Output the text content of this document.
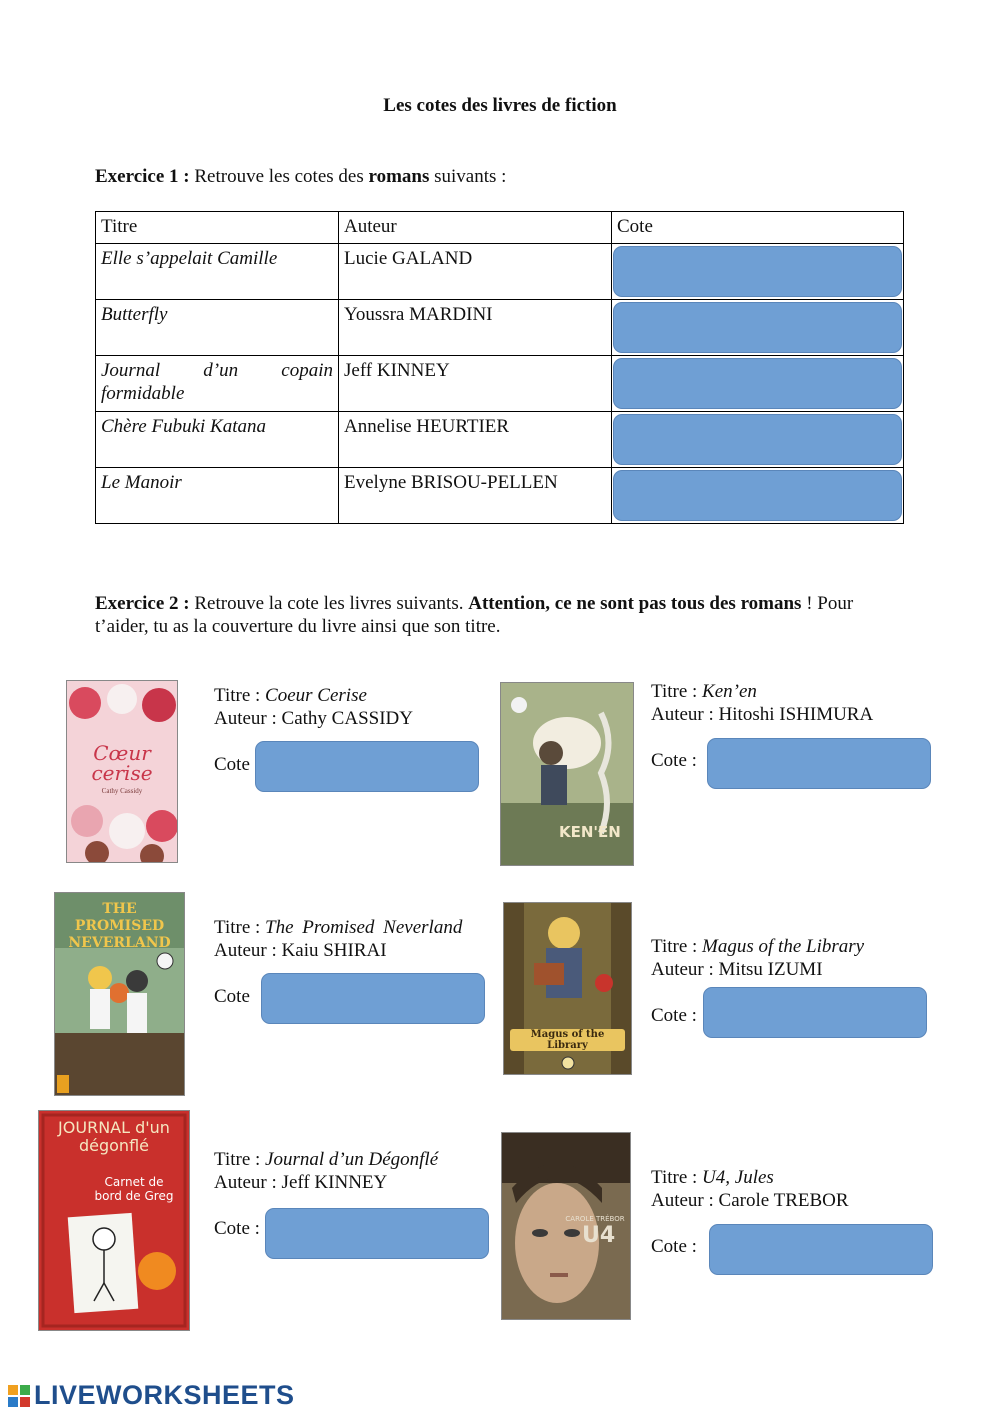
Les cotes des livres de fiction
Exercice 1 : Retrouve les cotes des romans suivants :
Titre	Auteur	Cote
Elle s’appelait Camille	Lucie GALAND	

Butterfly	Youssra MARDINI	

Journal d’un copain
formidable	Jeff KINNEY	

Chère Fubuki Katana	Annelise HEURTIER	

Le Manoir	Evelyne BRISOU-PELLEN	
Exercice 2 : Retrouve la cote les livres suivants. Attention, ce ne sont pas tous des romans ! Pour t’aider, tu as la couverture du livre ainsi que son titre.
Cœur cerise
Cathy Cassidy
Titre : Coeur Cerise
Auteur : Cathy CASSIDY
Cote
KEN'EN
Titre : Ken’en
Auteur : Hitoshi ISHIMURA
Cote :
THE PROMISED NEVERLAND
Titre : The Promised Neverland
Auteur : Kaiu SHIRAI
Cote
Magus of the Library
Titre : Magus of the Library
Auteur : Mitsu IZUMI
Cote :
JOURNAL d'un dégonflé
Carnet de bord de Greg
Titre : Journal d’un Dégonflé
Auteur : Jeff KINNEY
Cote :	CAROLE TRÉBOR
U4
Titre : U4, Jules
Auteur : Carole TREBOR
Cote :
LIVEWORKSHEETS
